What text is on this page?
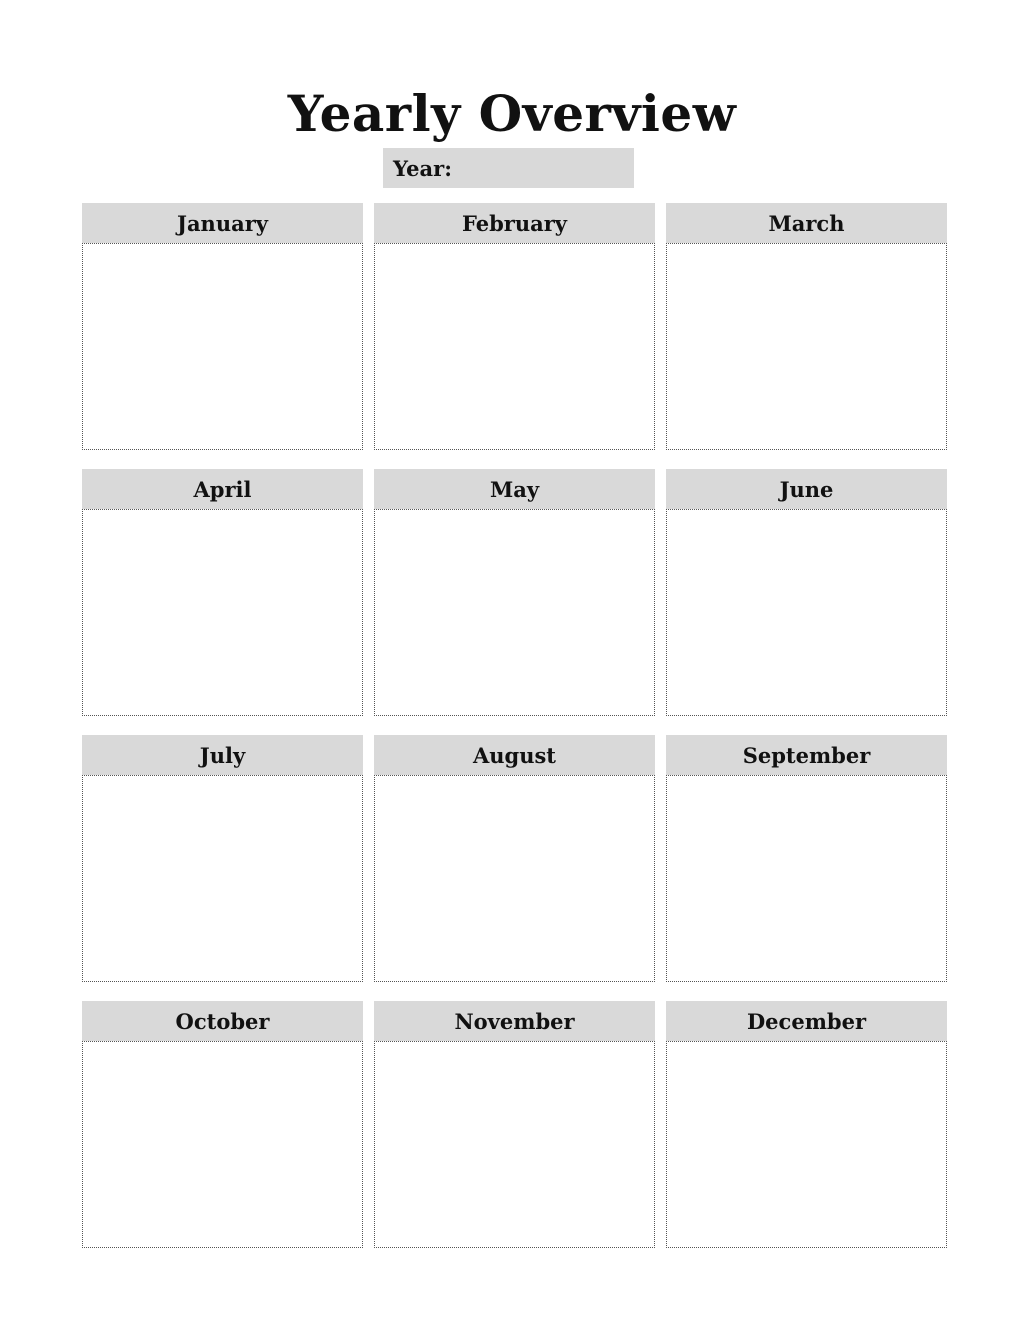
Yearly Overview
Year:
January	February	March
April	May	June
July	August	September
October	November	December
